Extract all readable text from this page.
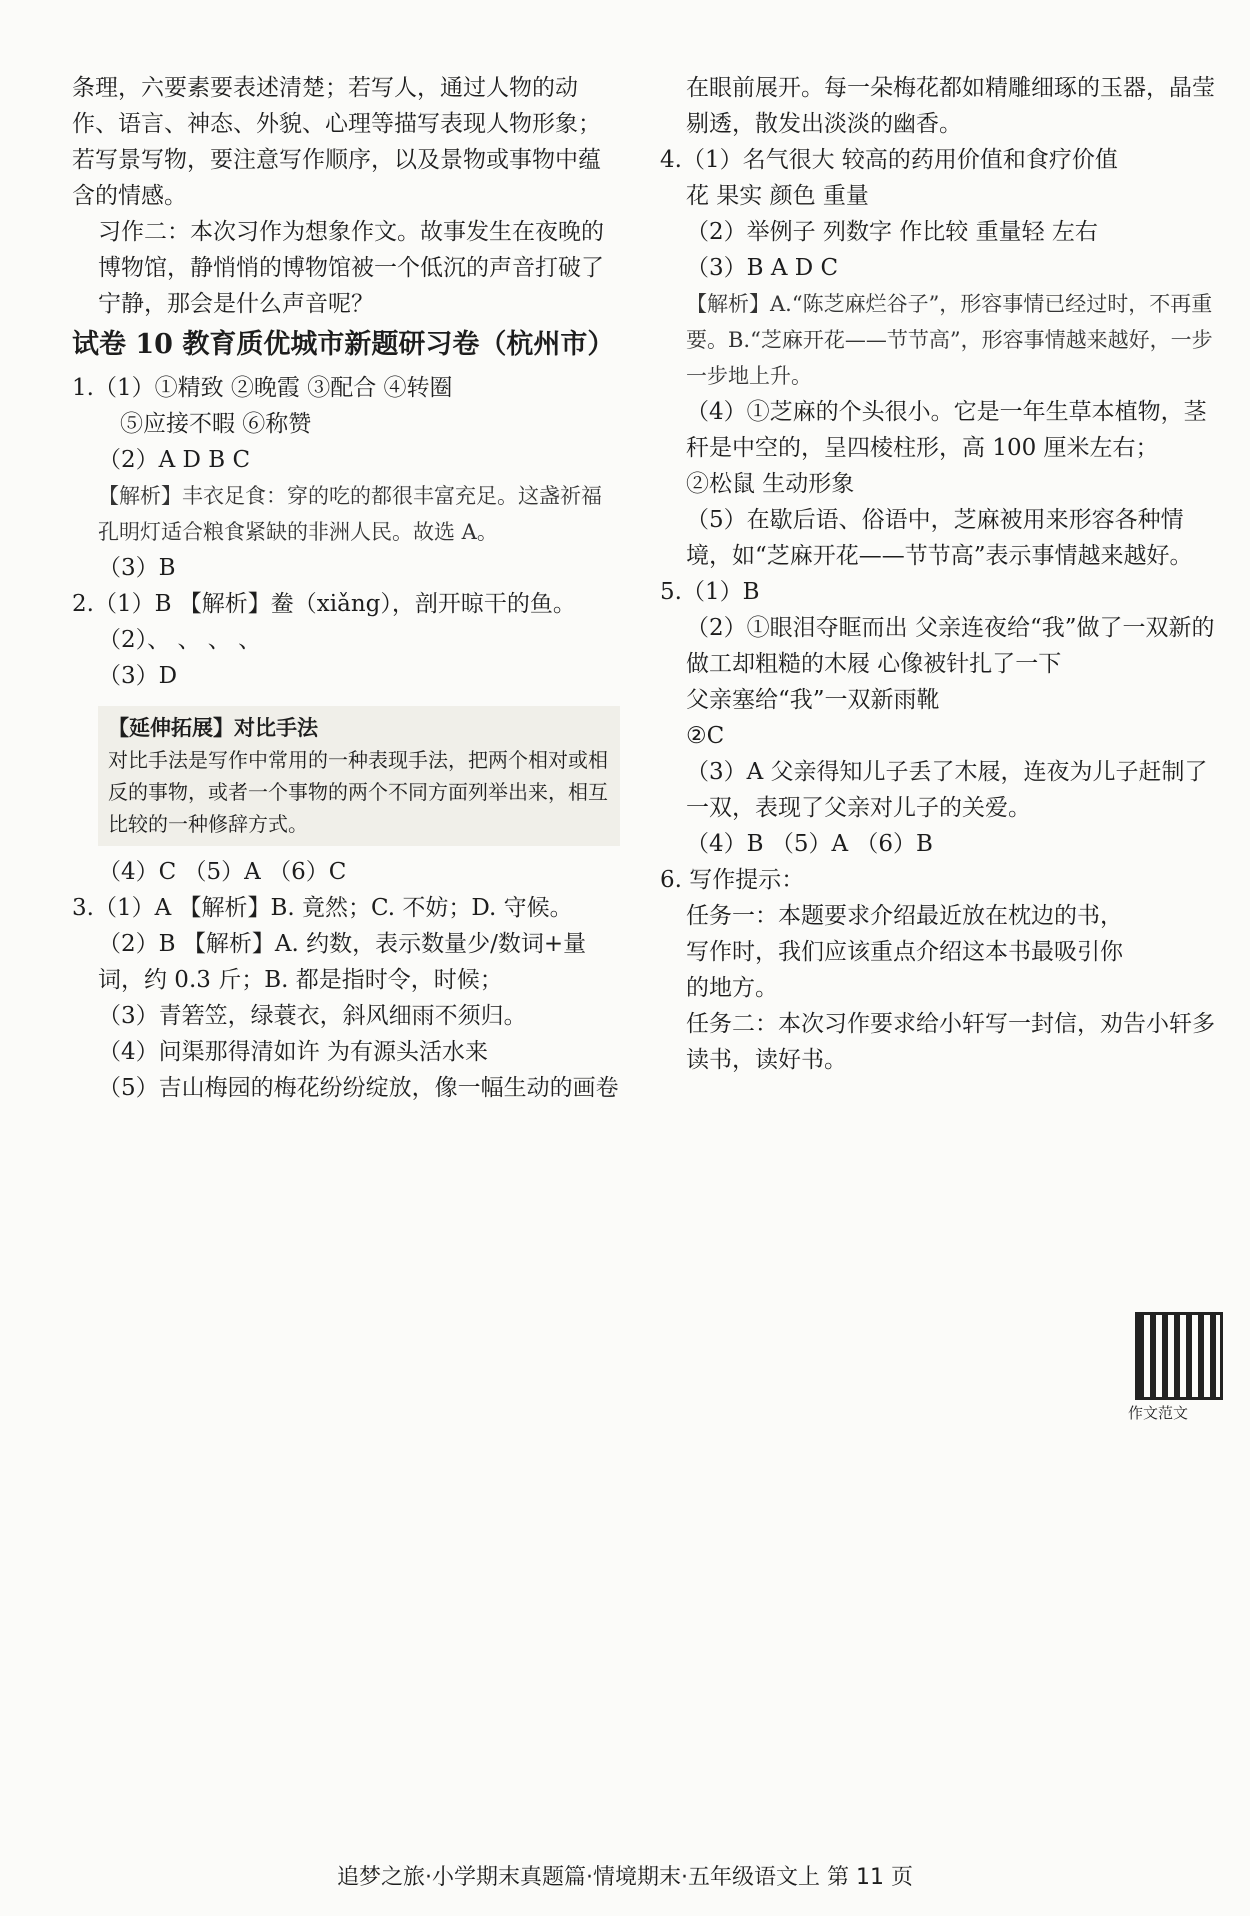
条理，六要素要表述清楚；若写人，通过人物的动作、语言、神态、外貌、心理等描写表现人物形象；若写景写物，要注意写作顺序，以及景物或事物中蕴含的情感。

习作二：本次习作为想象作文。故事发生在夜晚的博物馆，静悄悄的博物馆被一个低沉的声音打破了宁静，那会是什么声音呢？

试卷 10 教育质优城市新题研习卷（杭州市）

1.（1）①精致 ②晚霞 ③配合 ④转圈

⑤应接不暇 ⑥称赞

（2）A D B C

【解析】丰衣足食：穿的吃的都很丰富充足。这盏祈福孔明灯适合粮食紧缺的非洲人民。故选 A。

（3）B

2.（1）B 【解析】鲞（xiǎng），剖开晾干的鱼。

（2）、 、 、 、

（3）D

【延伸拓展】对比手法

对比手法是写作中常用的一种表现手法，把两个相对或相反的事物，或者一个事物的两个不同方面列举出来，相互比较的一种修辞方式。

（4）C （5）A （6）C

3.（1）A 【解析】B. 竟然；C. 不妨；D. 守候。

（2）B 【解析】A. 约数，表示数量少/数词+量词，约 0.3 斤；B. 都是指时令，时候；

（3）青箬笠，绿蓑衣，斜风细雨不须归。

（4）问渠那得清如许 为有源头活水来

（5）吉山梅园的梅花纷纷绽放，像一幅生动的画卷

在眼前展开。每一朵梅花都如精雕细琢的玉器，晶莹剔透，散发出淡淡的幽香。

4.（1）名气很大 较高的药用价值和食疗价值

花 果实 颜色 重量

（2）举例子 列数字 作比较 重量轻 左右

（3）B A D C

【解析】A.“陈芝麻烂谷子”，形容事情已经过时，不再重要。B.“芝麻开花——节节高”，形容事情越来越好，一步一步地上升。

（4）①芝麻的个头很小。它是一年生草本植物，茎秆是中空的，呈四棱柱形，高 100 厘米左右；

②松鼠 生动形象

（5）在歇后语、俗语中，芝麻被用来形容各种情境，如“芝麻开花——节节高”表示事情越来越好。

5.（1）B

（2）①眼泪夺眶而出 父亲连夜给“我”做了一双新的做工却粗糙的木屐 心像被针扎了一下

父亲塞给“我”一双新雨靴

②C

（3）A 父亲得知儿子丢了木屐，连夜为儿子赶制了一双，表现了父亲对儿子的关爱。

（4）B （5）A （6）B

6. 写作提示：

任务一：本题要求介绍最近放在枕边的书，写作时，我们应该重点介绍这本书最吸引你的地方。

任务二：本次习作要求给小轩写一封信，劝告小轩多读书，读好书。

作文范文
追梦之旅·小学期末真题篇·情境期末·五年级语文上 第 11 页
